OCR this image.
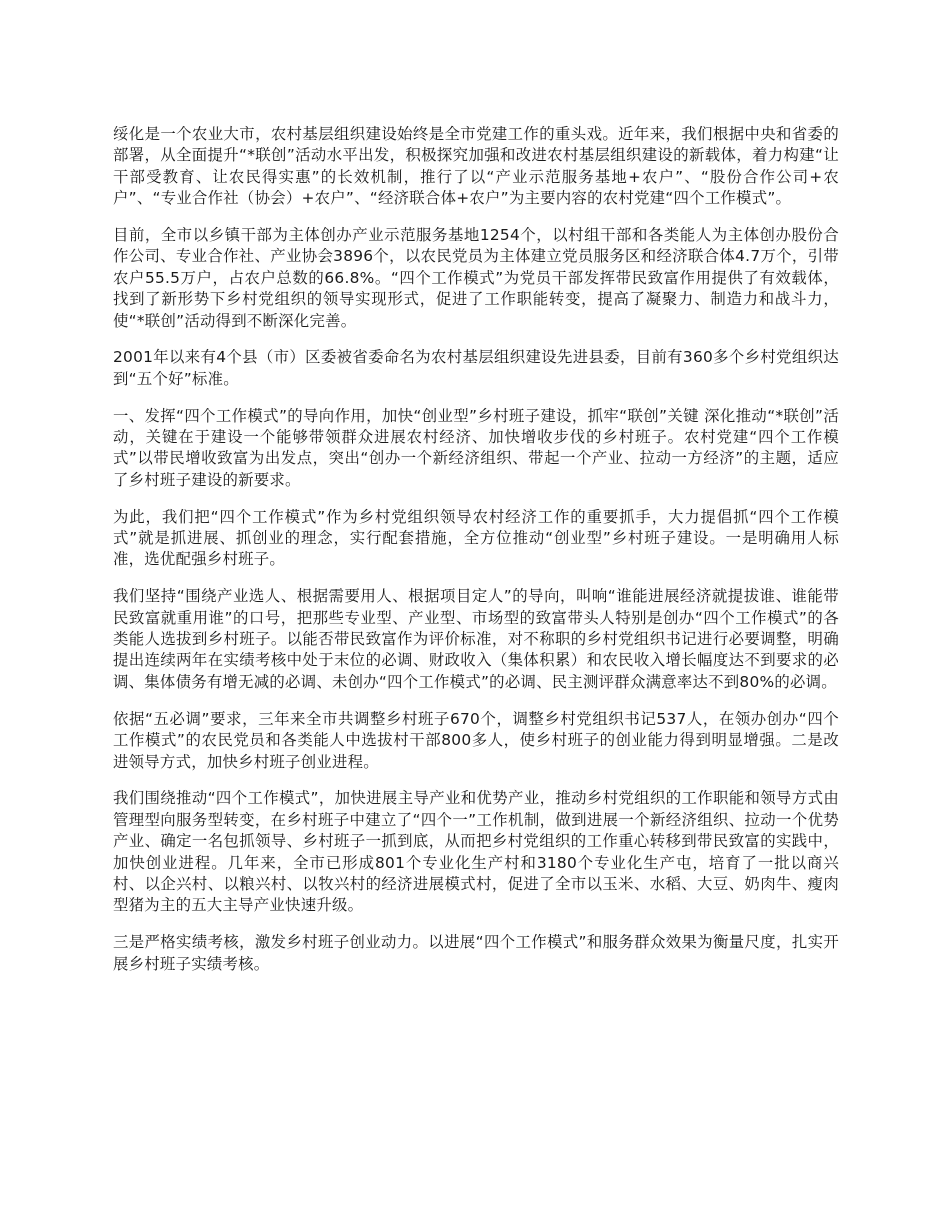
绥化是一个农业大市，农村基层组织建设始终是全市党建工作的重头戏。近年来，我们根据中央和省委的部署，从全面提升“*联创”活动水平出发，积极探究加强和改进农村基层组织建设的新载体，着力构建“让干部受教育、让农民得实惠”的长效机制，推行了以“产业示范服务基地+农户”、“股份合作公司+农户”、“专业合作社（协会）+农户”、“经济联合体+农户”为主要内容的农村党建“四个工作模式”。

目前，全市以乡镇干部为主体创办产业示范服务基地1254个，以村组干部和各类能人为主体创办股份合作公司、专业合作社、产业协会3896个，以农民党员为主体建立党员服务区和经济联合体4.7万个，引带农户55.5万户，占农户总数的66.8%。“四个工作模式”为党员干部发挥带民致富作用提供了有效载体，找到了新形势下乡村党组织的领导实现形式，促进了工作职能转变，提高了凝聚力、制造力和战斗力，使“*联创”活动得到不断深化完善。

2001年以来有4个县（市）区委被省委命名为农村基层组织建设先进县委，目前有360多个乡村党组织达到“五个好”标准。

一、发挥“四个工作模式”的导向作用，加快“创业型”乡村班子建设，抓牢“联创”关键 深化推动“*联创”活动，关键在于建设一个能够带领群众进展农村经济、加快增收步伐的乡村班子。农村党建“四个工作模式”以带民增收致富为出发点，突出“创办一个新经济组织、带起一个产业、拉动一方经济”的主题，适应了乡村班子建设的新要求。

为此，我们把“四个工作模式”作为乡村党组织领导农村经济工作的重要抓手，大力提倡抓“四个工作模式”就是抓进展、抓创业的理念，实行配套措施，全方位推动“创业型”乡村班子建设。一是明确用人标准，选优配强乡村班子。

我们坚持“围绕产业选人、根据需要用人、根据项目定人”的导向，叫响“谁能进展经济就提拔谁、谁能带民致富就重用谁”的口号，把那些专业型、产业型、市场型的致富带头人特别是创办“四个工作模式”的各类能人选拔到乡村班子。以能否带民致富作为评价标准，对不称职的乡村党组织书记进行必要调整，明确提出连续两年在实绩考核中处于末位的必调、财政收入（集体积累）和农民收入增长幅度达不到要求的必调、集体债务有增无减的必调、未创办“四个工作模式”的必调、民主测评群众满意率达不到80%的必调。

依据“五必调”要求，三年来全市共调整乡村班子670个，调整乡村党组织书记537人，在领办创办“四个工作模式”的农民党员和各类能人中选拔村干部800多人，使乡村班子的创业能力得到明显增强。二是改进领导方式，加快乡村班子创业进程。

我们围绕推动“四个工作模式”，加快进展主导产业和优势产业，推动乡村党组织的工作职能和领导方式由管理型向服务型转变，在乡村班子中建立了“四个一”工作机制，做到进展一个新经济组织、拉动一个优势产业、确定一名包抓领导、乡村班子一抓到底，从而把乡村党组织的工作重心转移到带民致富的实践中，加快创业进程。几年来，全市已形成801个专业化生产村和3180个专业化生产屯，培育了一批以商兴村、以企兴村、以粮兴村、以牧兴村的经济进展模式村，促进了全市以玉米、水稻、大豆、奶肉牛、瘦肉型猪为主的五大主导产业快速升级。

三是严格实绩考核，激发乡村班子创业动力。以进展“四个工作模式”和服务群众效果为衡量尺度，扎实开展乡村班子实绩考核。
